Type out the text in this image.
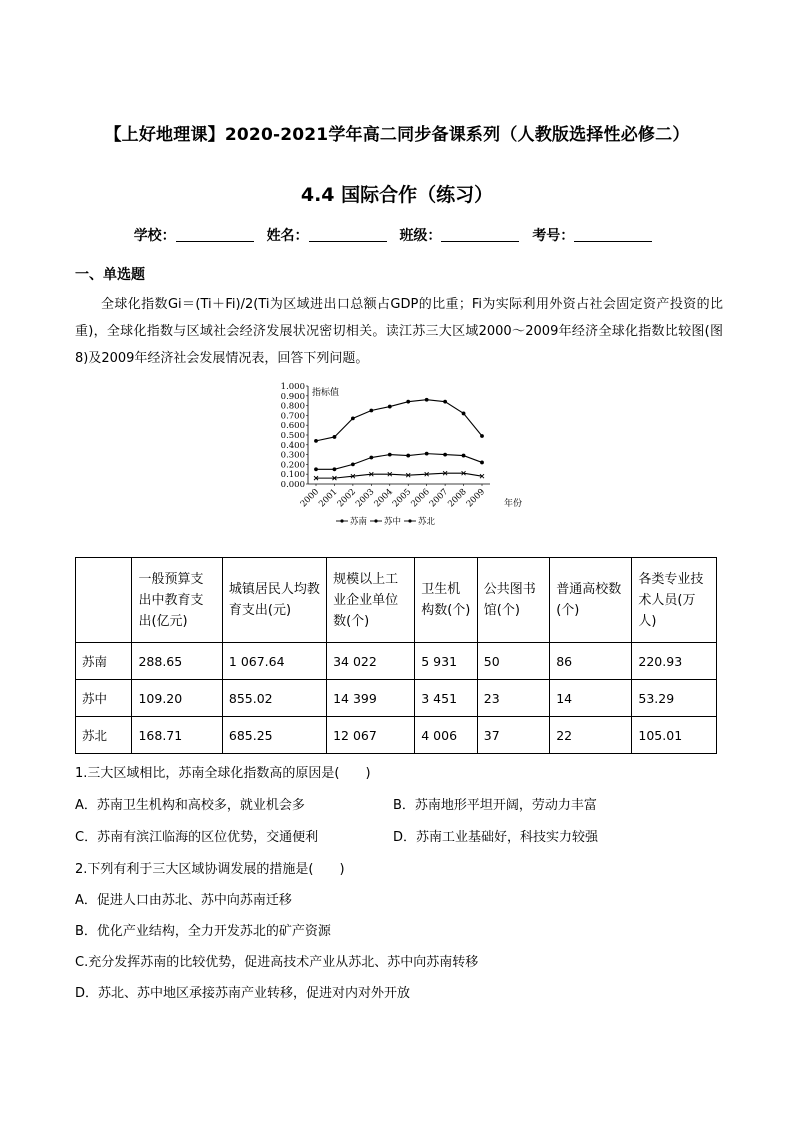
【上好地理课】2020-2021学年高二同步备课系列（人教版选择性必修二）
4.4 国际合作（练习）
学校：	姓名：	班级：	考号：
一、单选题
全球化指数Gi＝(Ti＋Fi)/2(Ti为区域进出口总额占GDP的比重；Fi为实际利用外资占社会固定资产投资的比重)，全球化指数与区域社会经济发展状况密切相关。读江苏三大区域2000～2009年经济全球化指数比较图(图8)及2009年经济社会发展情况表，回答下列问题。
0.000
0.100
0.200
0.300
0.400
0.500
0.600
0.700
0.800
0.900
1.000
指标值
2000
2001
2002
2003
2004
2005
2006
2007
2008
2009 年份
苏南 苏中 苏北
	一般预算支出中教育支出(亿元)	城镇居民人均教育支出(元)	规模以上工业企业单位数(个)	卫生机构数(个)	公共图书馆(个)	普通高校数(个)	各类专业技术人员(万人)
苏南	288.65	1 067.64	34 022	5 931	50	86	220.93
苏中	109.20	855.02	14 399	3 451	23	14	53.29
苏北	168.71	685.25	12 067	4 006	37	22	105.01
1.三大区域相比，苏南全球化指数高的原因是(　　)
A．苏南卫生机构和高校多，就业机会多	B．苏南地形平坦开阔，劳动力丰富
C．苏南有滨江临海的区位优势，交通便利	D．苏南工业基础好，科技实力较强
2.下列有利于三大区域协调发展的措施是(　　)
A．促进人口由苏北、苏中向苏南迁移
B．优化产业结构，全力开发苏北的矿产资源
C.充分发挥苏南的比较优势，促进高技术产业从苏北、苏中向苏南转移
D．苏北、苏中地区承接苏南产业转移，促进对内对外开放
